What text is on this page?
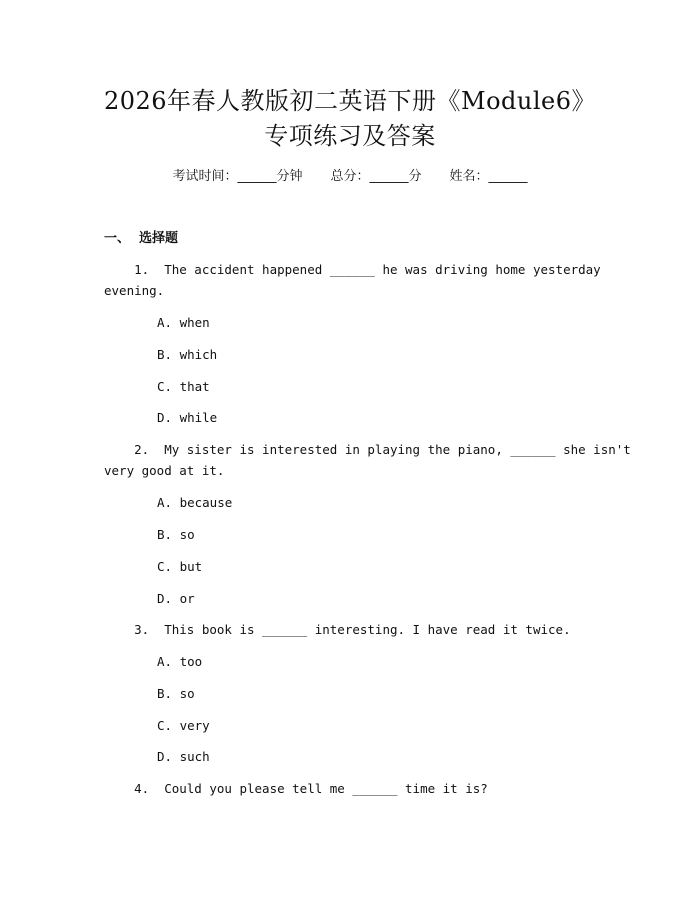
2026年春人教版初二英语下册《Module6》
专项练习及答案
考试时间：______分钟 总分：______分 姓名：______
一、  选择题
1.  The accident happened ______ he was driving home yesterday
evening.
A. when
B. which
C. that
D. while
2.  My sister is interested in playing the piano, ______ she isn't
very good at it.
A. because
B. so
C. but
D. or
3.  This book is ______ interesting. I have read it twice.
A. too
B. so
C. very
D. such
4.  Could you please tell me ______ time it is?
